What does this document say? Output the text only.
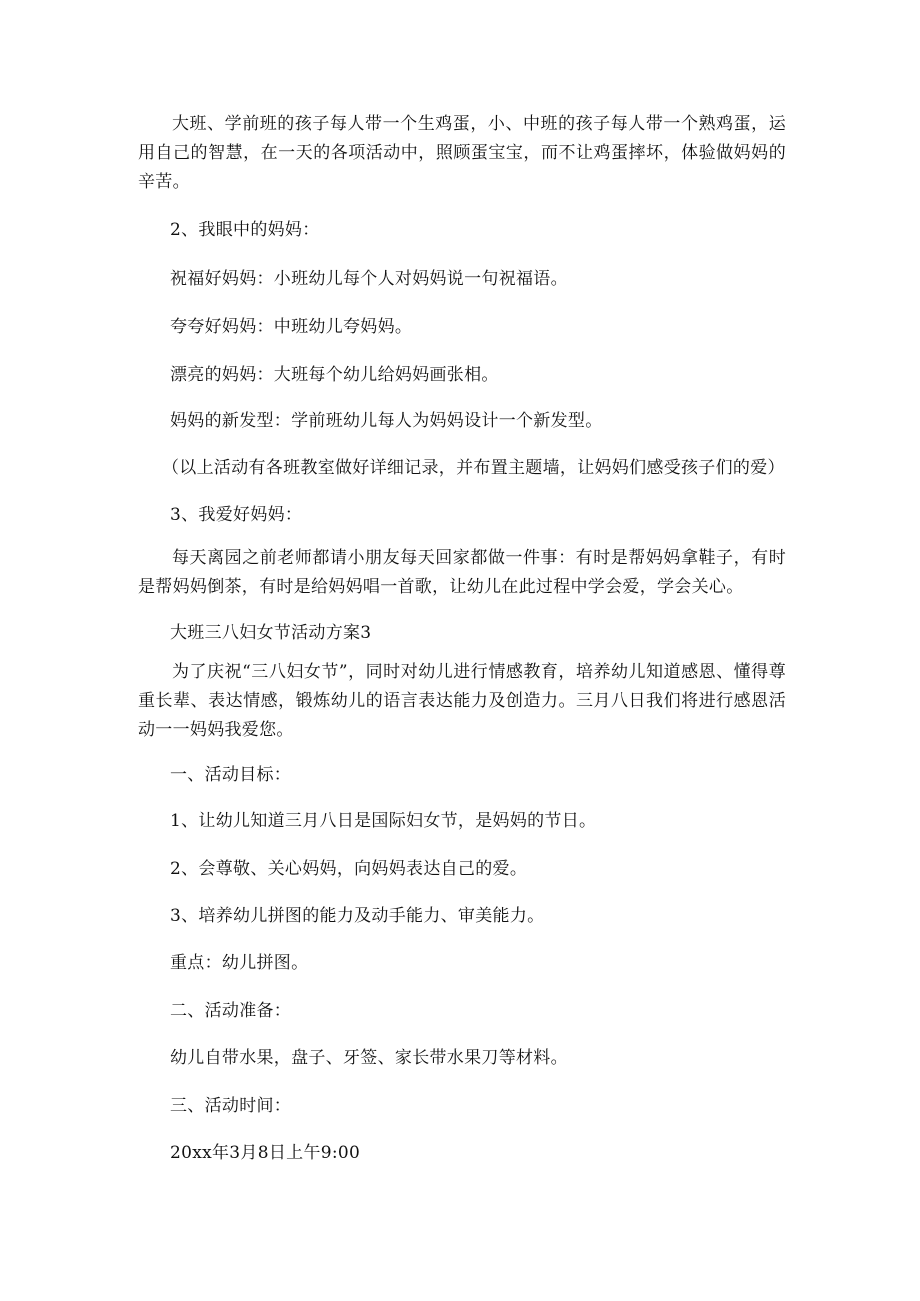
大班、学前班的孩子每人带一个生鸡蛋，小、中班的孩子每人带一个熟鸡蛋，运用自己的智慧，在一天的各项活动中，照顾蛋宝宝，而不让鸡蛋摔坏，体验做妈妈的辛苦。

2、我眼中的妈妈：

祝福好妈妈：小班幼儿每个人对妈妈说一句祝福语。

夸夸好妈妈：中班幼儿夸妈妈。

漂亮的妈妈：大班每个幼儿给妈妈画张相。

妈妈的新发型：学前班幼儿每人为妈妈设计一个新发型。

（以上活动有各班教室做好详细记录，并布置主题墙，让妈妈们感受孩子们的爱）

3、我爱好妈妈：

每天离园之前老师都请小朋友每天回家都做一件事：有时是帮妈妈拿鞋子，有时是帮妈妈倒茶，有时是给妈妈唱一首歌，让幼儿在此过程中学会爱，学会关心。

大班三八妇女节活动方案3

为了庆祝“三八妇女节”，同时对幼儿进行情感教育，培养幼儿知道感恩、懂得尊重长辈、表达情感，锻炼幼儿的语言表达能力及创造力。三月八日我们将进行感恩活动一一妈妈我爱您。

一、活动目标：

1、让幼儿知道三月八日是国际妇女节，是妈妈的节日。

2、会尊敬、关心妈妈，向妈妈表达自己的爱。

3、培养幼儿拼图的能力及动手能力、审美能力。

重点：幼儿拼图。

二、活动准备：

幼儿自带水果，盘子、牙签、家长带水果刀等材料。

三、活动时间：

20xx年3月8日上午9:00
